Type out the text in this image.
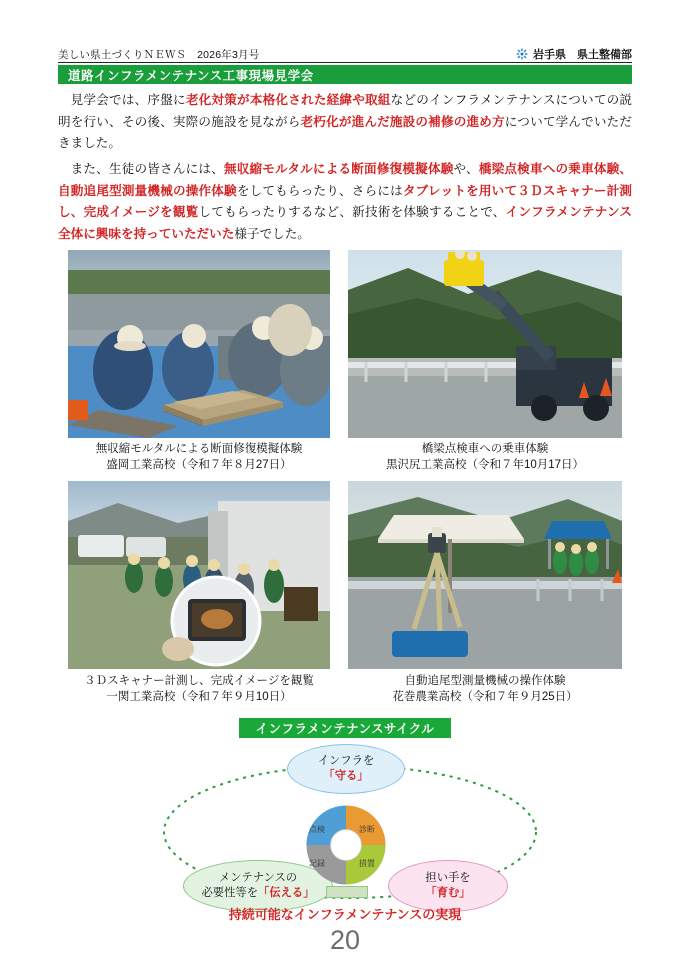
美しい県土づくりＮＥＷＳ　2026年3月号	岩手県　県土整備部
道路インフラメンテナンス工事現場見学会

見学会では、序盤に老化対策が本格化された経緯や取組などのインフラメンテナンスについての説明を行い、その後、実際の施設を見ながら老朽化が進んだ施設の補修の進め方について学んでいただきました。

また、生徒の皆さんには、無収縮モルタルによる断面修復模擬体験や、橋梁点検車への乗車体験、自動追尾型測量機械の操作体験をしてもらったり、さらにはタブレットを用いて３Ｄスキャナー計測し、完成イメージを観覧してもらったりするなど、新技術を体験することで、インフラメンテナンス全体に興味を持っていただいた様子でした。

無収縮モルタルによる断面修復模擬体験
盛岡工業高校（令和７年８月27日）
橋梁点検車への乗車体験
黒沢尻工業高校（令和７年10月17日）
３Ｄスキャナー計測し、完成イメージを観覧
一関工業高校（令和７年９月10日）
自動追尾型測量機械の操作体験
花巻農業高校（令和７年９月25日）
インフラメンテナンスサイクル
インフラを
「守る」
メンテナンスの
必要性等を「伝える」
担い手を
「育む」
点検	診断
措置
記録
持続可能なインフラメンテナンスの実現
20
